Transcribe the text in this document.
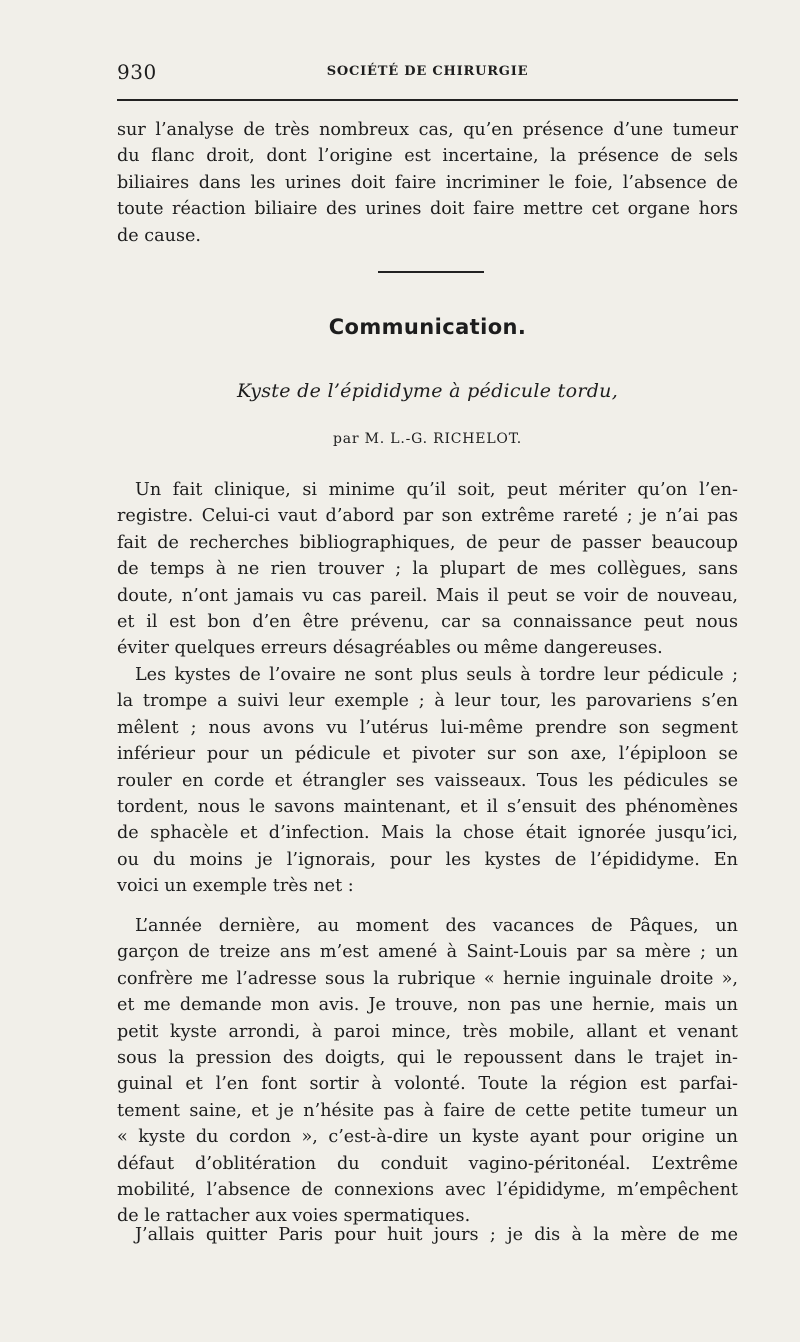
930	SOCIÉTÉ DE CHIRURGIE
sur l’analyse de très nombreux cas, qu’en présence d’une tumeur
du flanc droit, dont l’origine est incertaine, la présence de sels
biliaires dans les urines doit faire incriminer le foie, l’absence de
toute réaction biliaire des urines doit faire mettre cet organe hors
de cause.
Communication.
Kyste de l’épididyme à pédicule tordu,
par M. L.-G. RICHELOT.
Un fait clinique, si minime qu’il soit, peut mériter qu’on l’en-
registre. Celui-ci vaut d’abord par son extrême rareté ; je n’ai pas
fait de recherches bibliographiques, de peur de passer beaucoup
de temps à ne rien trouver ; la plupart de mes collègues, sans
doute, n’ont jamais vu cas pareil. Mais il peut se voir de nouveau,
et il est bon d’en être prévenu, car sa connaissance peut nous
éviter quelques erreurs désagréables ou même dangereuses.
Les kystes de l’ovaire ne sont plus seuls à tordre leur pédicule ;
la trompe a suivi leur exemple ; à leur tour, les parovariens s’en
mêlent ; nous avons vu l’utérus lui-même prendre son segment
inférieur pour un pédicule et pivoter sur son axe, l’épiploon se
rouler en corde et étrangler ses vaisseaux. Tous les pédicules se
tordent, nous le savons maintenant, et il s’ensuit des phénomènes
de sphacèle et d’infection. Mais la chose était ignorée jusqu’ici,
ou du moins je l’ignorais, pour les kystes de l’épididyme. En
voici un exemple très net :
L’année dernière, au moment des vacances de Pâques, un
garçon de treize ans m’est amené à Saint-Louis par sa mère ; un
confrère me l’adresse sous la rubrique « hernie inguinale droite »,
et me demande mon avis. Je trouve, non pas une hernie, mais un
petit kyste arrondi, à paroi mince, très mobile, allant et venant
sous la pression des doigts, qui le repoussent dans le trajet in-
guinal et l’en font sortir à volonté. Toute la région est parfai-
tement saine, et je n’hésite pas à faire de cette petite tumeur un
« kyste du cordon », c’est-à-dire un kyste ayant pour origine un
défaut d’oblitération du conduit vagino-péritonéal. L’extrême
mobilité, l’absence de connexions avec l’épididyme, m’empêchent
de le rattacher aux voies spermatiques.
J’allais quitter Paris pour huit jours ; je dis à la mère de me
